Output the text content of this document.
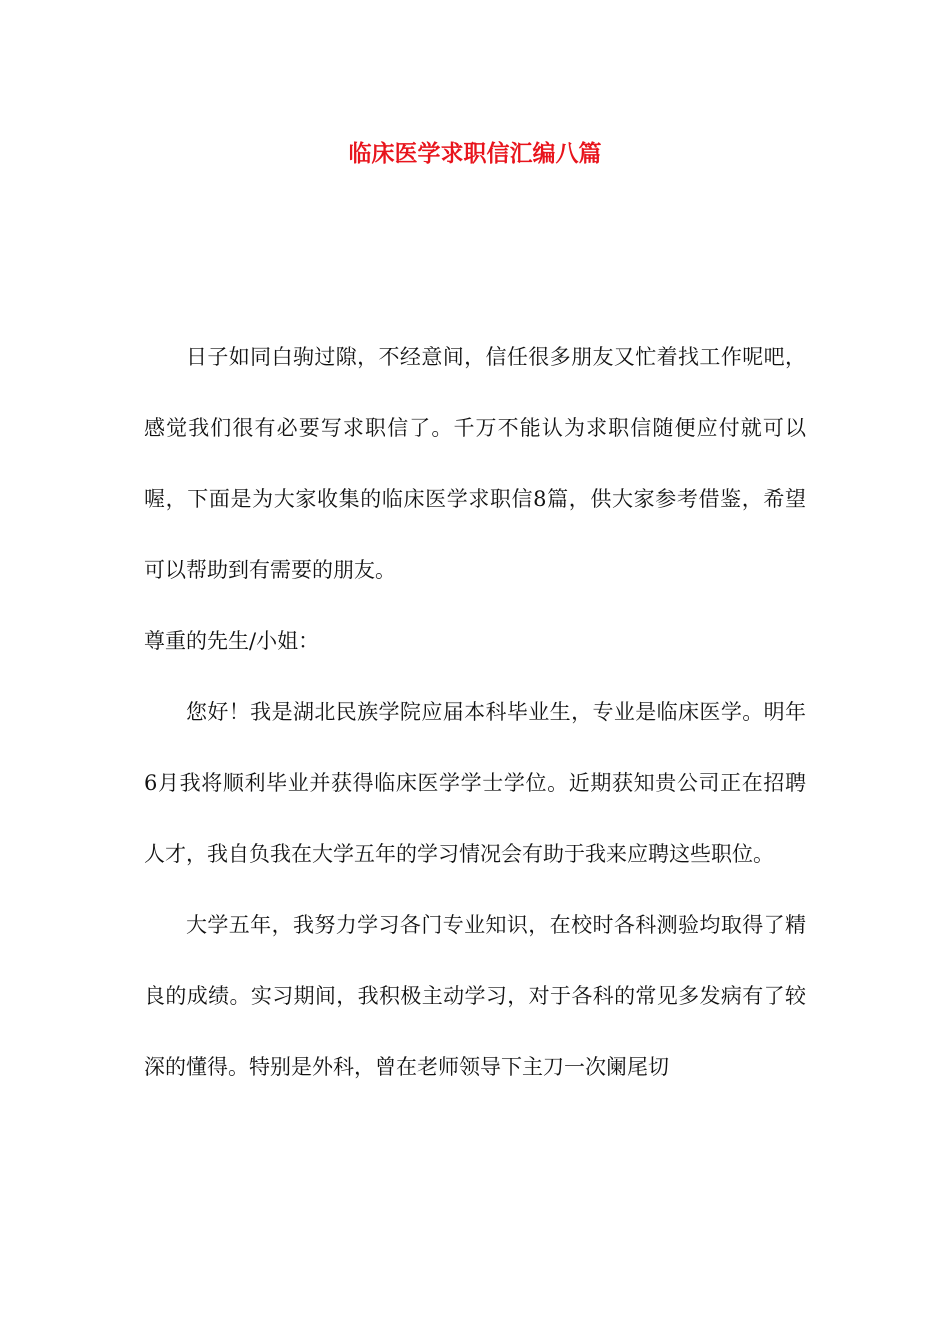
临床医学求职信汇编八篇

日子如同白驹过隙，不经意间，信任很多朋友又忙着找工作呢吧，感觉我们很有必要写求职信了。千万不能认为求职信随便应付就可以喔，下面是为大家收集的临床医学求职信8篇，供大家参考借鉴，希望可以帮助到有需要的朋友。

尊重的先生/小姐：

您好！我是湖北民族学院应届本科毕业生，专业是临床医学。明年6月我将顺利毕业并获得临床医学学士学位。近期获知贵公司正在招聘人才，我自负我在大学五年的学习情况会有助于我来应聘这些职位。

大学五年，我努力学习各门专业知识，在校时各科测验均取得了精良的成绩。实习期间，我积极主动学习，对于各科的常见多发病有了较深的懂得。特别是外科，曾在老师领导下主刀一次阑尾切
